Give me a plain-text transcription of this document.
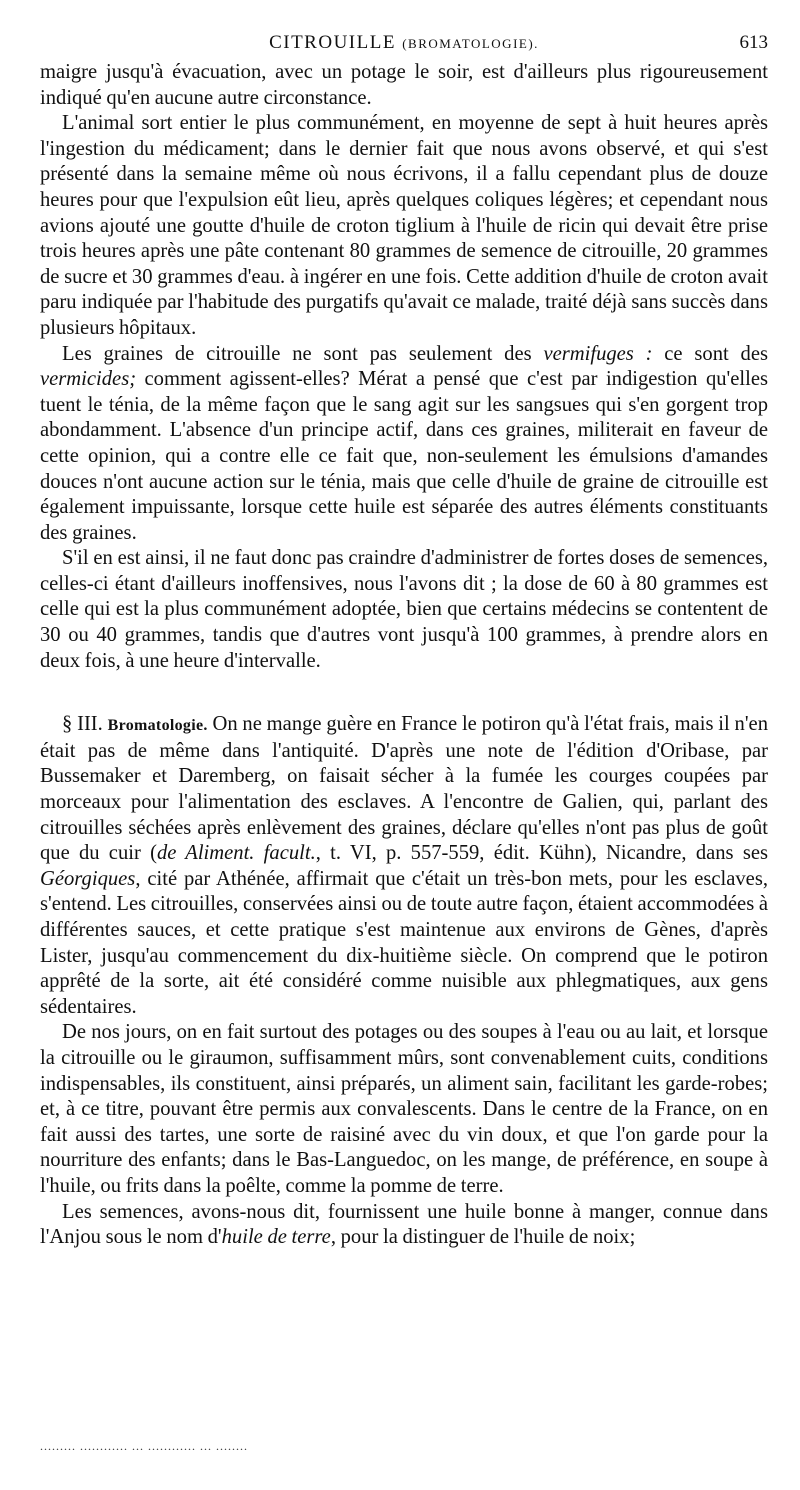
CITROUILLE (BROMATOLOGIE).	613

maigre jusqu'à évacuation, avec un potage le soir, est d'ailleurs plus rigoureusement indiqué qu'en aucune autre circonstance.

L'animal sort entier le plus communément, en moyenne de sept à huit heures après l'ingestion du médicament; dans le dernier fait que nous avons observé, et qui s'est présenté dans la semaine même où nous écrivons, il a fallu cependant plus de douze heures pour que l'expulsion eût lieu, après quelques coliques légères; et cependant nous avions ajouté une goutte d'huile de croton tiglium à l'huile de ricin qui devait être prise trois heures après une pâte contenant 80 grammes de semence de citrouille, 20 grammes de sucre et 30 grammes d'eau. à ingérer en une fois. Cette addition d'huile de croton avait paru indiquée par l'habitude des purgatifs qu'avait ce malade, traité déjà sans succès dans plusieurs hôpitaux.

Les graines de citrouille ne sont pas seulement des vermifuges : ce sont des vermicides; comment agissent-elles? Mérat a pensé que c'est par indigestion qu'elles tuent le ténia, de la même façon que le sang agit sur les sangsues qui s'en gorgent trop abondamment. L'absence d'un principe actif, dans ces graines, militerait en faveur de cette opinion, qui a contre elle ce fait que, non-seulement les émulsions d'amandes douces n'ont aucune action sur le ténia, mais que celle d'huile de graine de citrouille est également impuissante, lorsque cette huile est séparée des autres éléments constituants des graines.

S'il en est ainsi, il ne faut donc pas craindre d'administrer de fortes doses de semences, celles-ci étant d'ailleurs inoffensives, nous l'avons dit ; la dose de 60 à 80 grammes est celle qui est la plus communément adoptée, bien que certains médecins se contentent de 30 ou 40 grammes, tandis que d'autres vont jusqu'à 100 grammes, à prendre alors en deux fois, à une heure d'intervalle.

§ III. Bromatologie. On ne mange guère en France le potiron qu'à l'état frais, mais il n'en était pas de même dans l'antiquité. D'après une note de l'édition d'Oribase, par Bussemaker et Daremberg, on faisait sécher à la fumée les courges coupées par morceaux pour l'alimentation des esclaves. A l'encontre de Galien, qui, parlant des citrouilles séchées après enlèvement des graines, déclare qu'elles n'ont pas plus de goût que du cuir (de Aliment. facult., t. VI, p. 557-559, édit. Kühn), Nicandre, dans ses Géorgiques, cité par Athénée, affirmait que c'était un très-bon mets, pour les esclaves, s'entend. Les citrouilles, conservées ainsi ou de toute autre façon, étaient accommodées à différentes sauces, et cette pratique s'est maintenue aux environs de Gènes, d'après Lister, jusqu'au commencement du dix-huitième siècle. On comprend que le potiron apprêté de la sorte, ait été considéré comme nuisible aux phlegmatiques, aux gens sédentaires.

De nos jours, on en fait surtout des potages ou des soupes à l'eau ou au lait, et lorsque la citrouille ou le giraumon, suffisamment mûrs, sont convenablement cuits, conditions indispensables, ils constituent, ainsi préparés, un aliment sain, facilitant les garde-robes; et, à ce titre, pouvant être permis aux convalescents. Dans le centre de la France, on en fait aussi des tartes, une sorte de raisiné avec du vin doux, et que l'on garde pour la nourriture des enfants; dans le Bas-Languedoc, on les mange, de préférence, en soupe à l'huile, ou frits dans la poêlte, comme la pomme de terre.

Les semences, avons-nous dit, fournissent une huile bonne à manger, connue dans l'Anjou sous le nom d'huile de terre, pour la distinguer de l'huile de noix;

......... ............ ... ............ ... ........
